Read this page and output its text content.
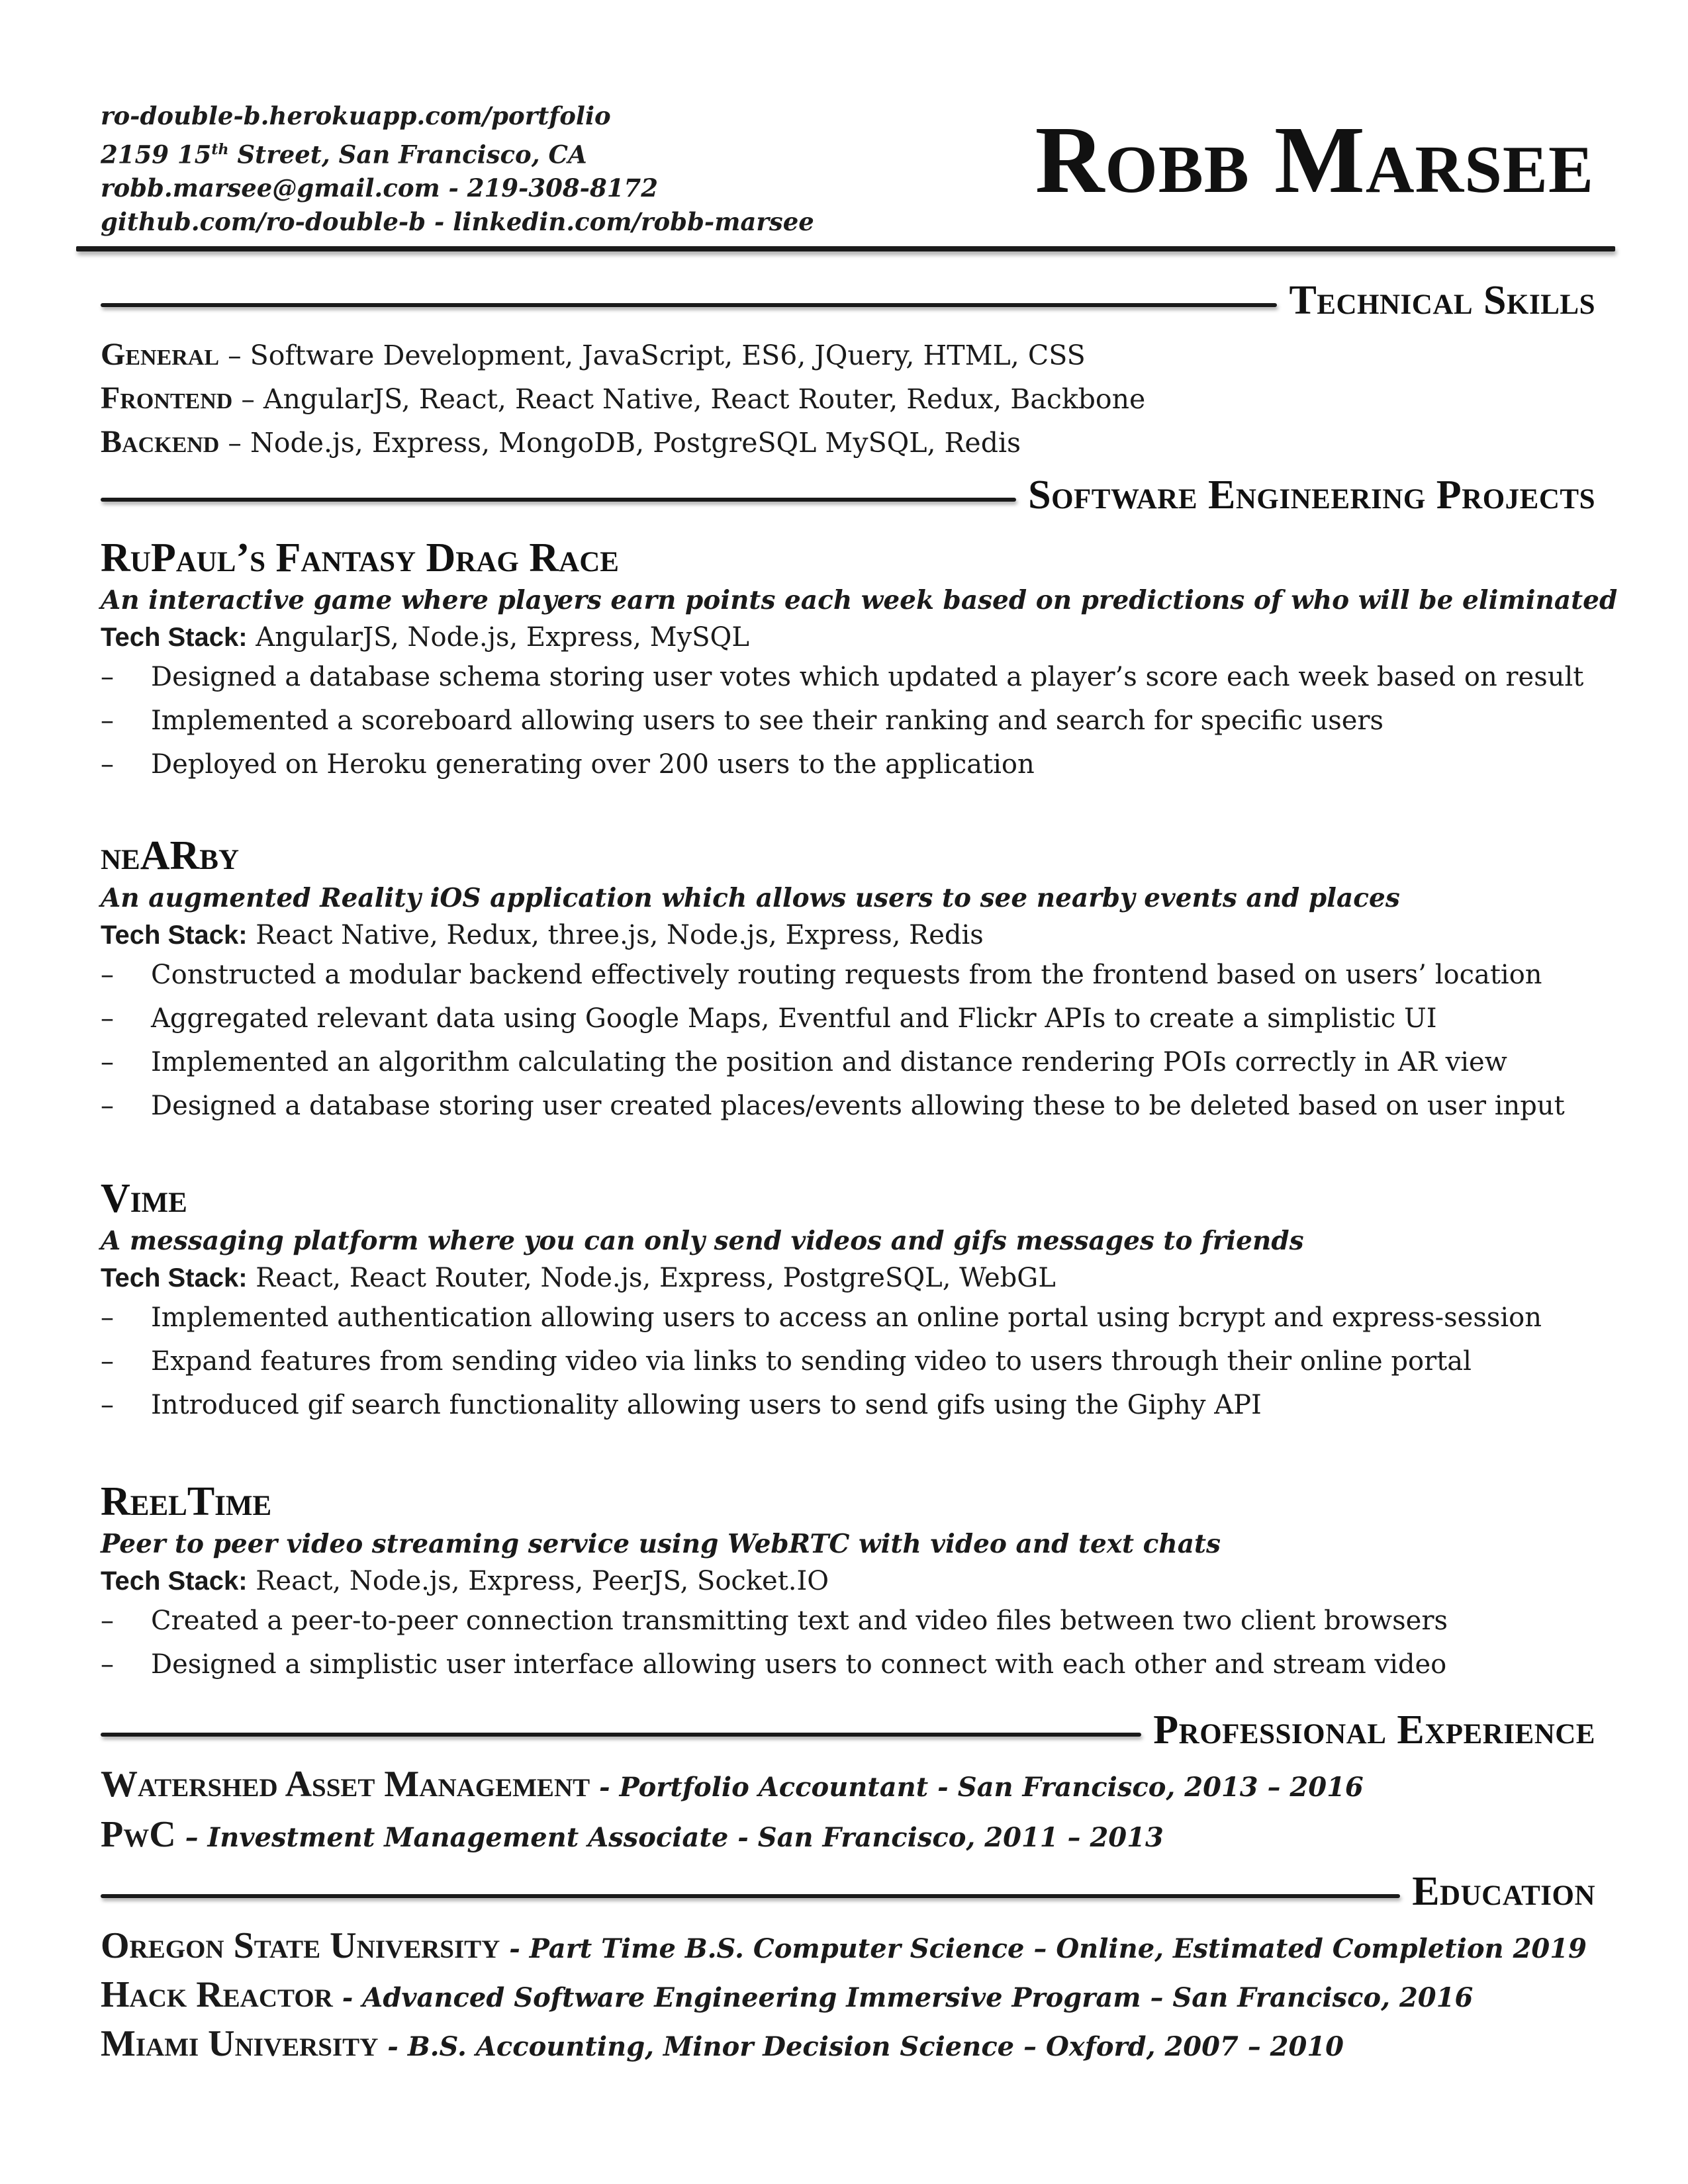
ro-double-b.herokuapp.com/portfolio
2159 15th Street, San Francisco, CA
robb.marsee@gmail.com - 219-308-8172
github.com/ro-double-b - linkedin.com/robb-marsee
Robb Marsee
Technical Skills
General – Software Development, JavaScript, ES6, JQuery, HTML, CSS
Frontend – AngularJS, React, React Native, React Router, Redux, Backbone
Backend – Node.js, Express, MongoDB, PostgreSQL MySQL, Redis
Software Engineering Projects
RuPaul’s Fantasy Drag Race
An interactive game where players earn points each week based on predictions of who will be eliminated
Tech Stack: AngularJS, Node.js, Express, MySQL
– Designed a database schema storing user votes which updated a player’s score each week based on result
– Implemented a scoreboard allowing users to see their ranking and search for specific users
– Deployed on Heroku generating over 200 users to the application
neARby
An augmented Reality iOS application which allows users to see nearby events and places
Tech Stack: React Native, Redux, three.js, Node.js, Express, Redis
– Constructed a modular backend effectively routing requests from the frontend based on users’ location
– Aggregated relevant data using Google Maps, Eventful and Flickr APIs to create a simplistic UI
– Implemented an algorithm calculating the position and distance rendering POIs correctly in AR view
– Designed a database storing user created places/events allowing these to be deleted based on user input
Vime
A messaging platform where you can only send videos and gifs messages to friends
Tech Stack: React, React Router, Node.js, Express, PostgreSQL, WebGL
– Implemented authentication allowing users to access an online portal using bcrypt and express-session
– Expand features from sending video via links to sending video to users through their online portal
– Introduced gif search functionality allowing users to send gifs using the Giphy API
ReelTime
Peer to peer video streaming service using WebRTC with video and text chats
Tech Stack: React, Node.js, Express, PeerJS, Socket.IO
– Created a peer-to-peer connection transmitting text and video files between two client browsers
– Designed a simplistic user interface allowing users to connect with each other and stream video
Professional Experience
Watershed Asset Management - Portfolio Accountant - San Francisco, 2013 – 2016
PwC – Investment Management Associate - San Francisco, 2011 – 2013
Education
Oregon State University - Part Time B.S. Computer Science – Online, Estimated Completion 2019
Hack Reactor - Advanced Software Engineering Immersive Program – San Francisco, 2016
Miami University - B.S. Accounting, Minor Decision Science – Oxford, 2007 – 2010
